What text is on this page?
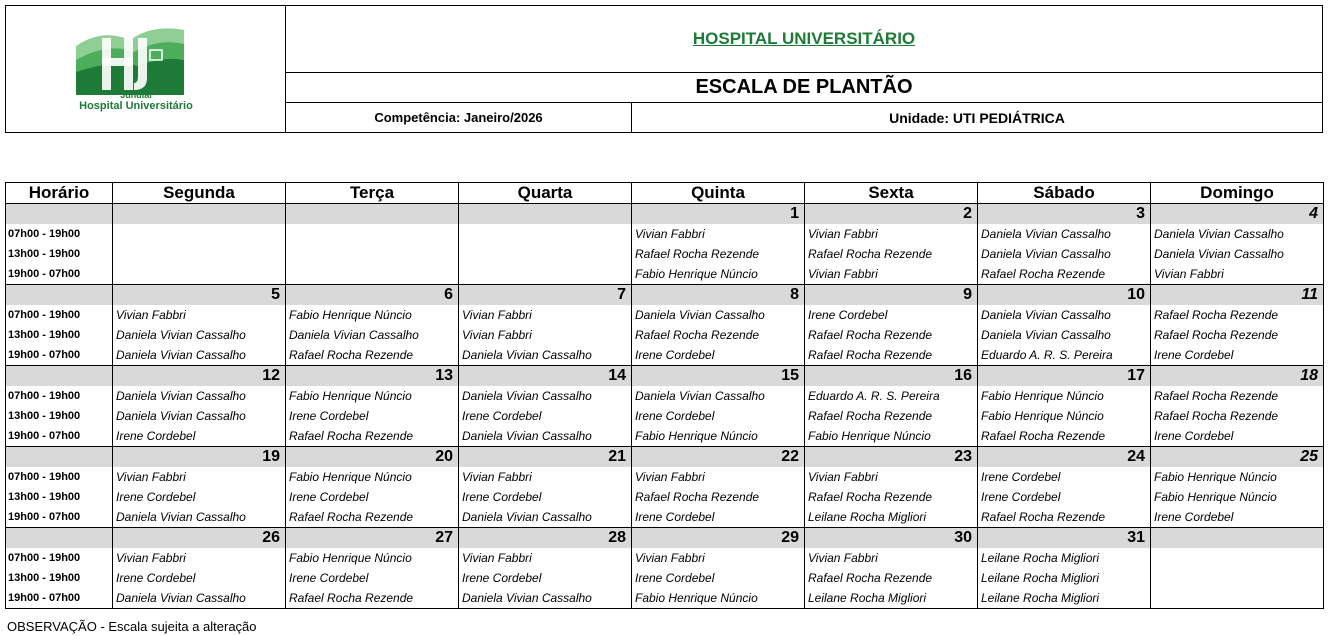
Jundiaí
Hospital Universitário
HOSPITAL UNIVERSITÁRIO
ESCALA DE PLANTÃO
Competência: Janeiro/2026	Unidade: UTI PEDIÁTRICA
Horário	Segunda	Terça	Quarta	Quinta	Sexta	Sábado	Domingo
				1	2	3	4
07h00 - 19h00				Vivian Fabbri	Vivian Fabbri	Daniela Vivian Cassalho	Daniela Vivian Cassalho
13h00 - 19h00				Rafael Rocha Rezende	Rafael Rocha Rezende	Daniela Vivian Cassalho	Daniela Vivian Cassalho
19h00 - 07h00				Fabio Henrique Núncio	Vivian Fabbri	Rafael Rocha Rezende	Vivian Fabbri
	5	6	7	8	9	10	11
07h00 - 19h00	Vivian Fabbri	Fabio Henrique Núncio	Vivian Fabbri	Daniela Vivian Cassalho	Irene Cordebel	Daniela Vivian Cassalho	Rafael Rocha Rezende
13h00 - 19h00	Daniela Vivian Cassalho	Daniela Vivian Cassalho	Vivian Fabbri	Rafael Rocha Rezende	Rafael Rocha Rezende	Daniela Vivian Cassalho	Rafael Rocha Rezende
19h00 - 07h00	Daniela Vivian Cassalho	Rafael Rocha Rezende	Daniela Vivian Cassalho	Irene Cordebel	Rafael Rocha Rezende	Eduardo A. R. S. Pereira	Irene Cordebel
	12	13	14	15	16	17	18
07h00 - 19h00	Daniela Vivian Cassalho	Fabio Henrique Núncio	Daniela Vivian Cassalho	Daniela Vivian Cassalho	Eduardo A. R. S. Pereira	Fabio Henrique Núncio	Rafael Rocha Rezende
13h00 - 19h00	Daniela Vivian Cassalho	Irene Cordebel	Irene Cordebel	Irene Cordebel	Rafael Rocha Rezende	Fabio Henrique Núncio	Rafael Rocha Rezende
19h00 - 07h00	Irene Cordebel	Rafael Rocha Rezende	Daniela Vivian Cassalho	Fabio Henrique Núncio	Fabio Henrique Núncio	Rafael Rocha Rezende	Irene Cordebel
	19	20	21	22	23	24	25
07h00 - 19h00	Vivian Fabbri	Fabio Henrique Núncio	Vivian Fabbri	Vivian Fabbri	Vivian Fabbri	Irene Cordebel	Fabio Henrique Núncio
13h00 - 19h00	Irene Cordebel	Irene Cordebel	Irene Cordebel	Rafael Rocha Rezende	Rafael Rocha Rezende	Irene Cordebel	Fabio Henrique Núncio
19h00 - 07h00	Daniela Vivian Cassalho	Rafael Rocha Rezende	Daniela Vivian Cassalho	Irene Cordebel	Leilane Rocha Migliori	Rafael Rocha Rezende	Irene Cordebel
	26	27	28	29	30	31	
07h00 - 19h00	Vivian Fabbri	Fabio Henrique Núncio	Vivian Fabbri	Vivian Fabbri	Vivian Fabbri	Leilane Rocha Migliori	
13h00 - 19h00	Irene Cordebel	Irene Cordebel	Irene Cordebel	Irene Cordebel	Rafael Rocha Rezende	Leilane Rocha Migliori	
19h00 - 07h00	Daniela Vivian Cassalho	Rafael Rocha Rezende	Daniela Vivian Cassalho	Fabio Henrique Núncio	Leilane Rocha Migliori	Leilane Rocha Migliori	
OBSERVAÇÃO - Escala sujeita a alteração
